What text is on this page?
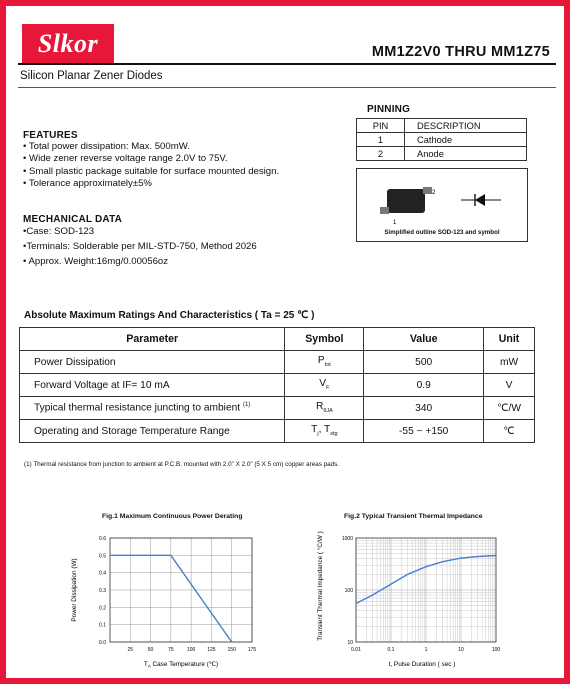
Slkor	MM1Z2V0 THRU MM1Z75
Silicon Planar Zener Diodes
FEATURES
• Total power dissipation: Max. 500mW.
• Wide zener reverse voltage range 2.0V to 75V.
• Small plastic package suitable for surface mounted design.
• Tolerance approximately±5%
MECHANICAL DATA
•Case: SOD-123
•Terminals: Solderable per MIL-STD-750, Method 2026
• Approx. Weight:16mg/0.00056oz
PINNING
PIN	DESCRIPTION
1	Cathode
2	Anode
2
1
Simplified outline SOD-123 and symbol
Absolute Maximum Ratings And Characteristics ( Ta = 25 ℃ )
Parameter	Symbol	Value	Unit
Power Dissipation	$P_{tot}$	500	mW
Forward Voltage at IF= 10 mA	$V_F$	0.9	V
Typical thermal resistance juncting to ambient $^{(1)}$	$R_{\theta JA}$	340	℃/W
Operating and Storage Temperature Range	$T_j$, $T_{stg}$	-55 ~ +150	℃
(1) Thermal resistance from junction to ambient at P.C.B. mounted with 2.0" X 2.0" (5 X 5 cm) copper areas pads.
Fig.1 Maximum Continuous Power Derating
25	50	75	100 125 150 175
0.0
0.1
0.2
0.3
0.4
0.5
0.6
Power Dissipation (W)
$T_A$ Case Temperature (℃)
Fig.2 Typical Transient Thermal Impedance
0.01	0.1	1	10	100
10
100
1000
Transient Thermal Impedance ( °C/W )
t, Pulse Duration ( sec )
